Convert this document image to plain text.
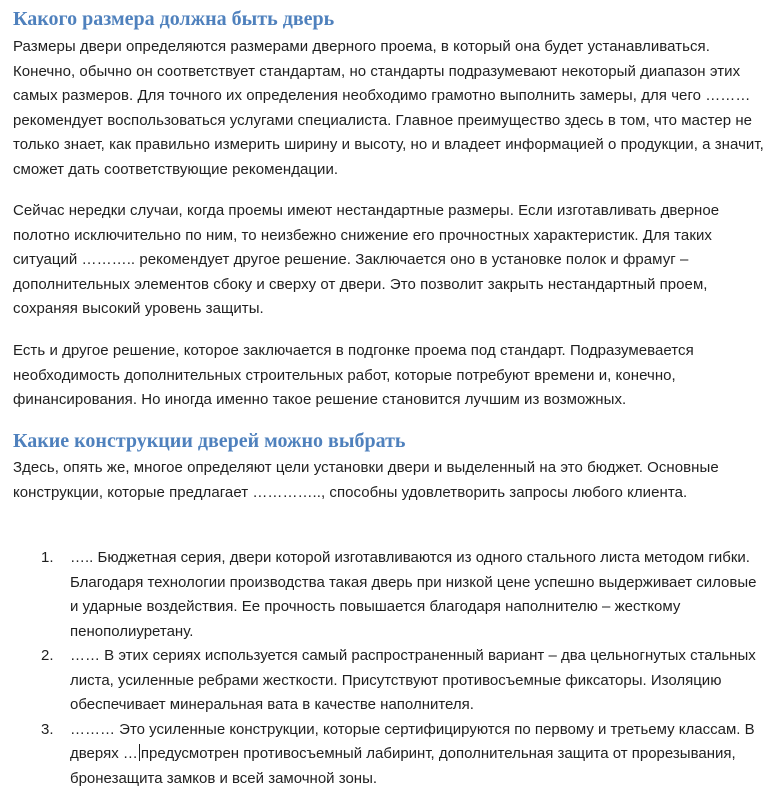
Какого размера должна быть дверь

Размеры двери определяются размерами дверного проема, в который она будет устанавливаться. Конечно, обычно он соответствует стандартам, но стандарты подразумевают некоторый диапазон этих самых размеров. Для точного их определения необходимо грамотно выполнить замеры, для чего ……… рекомендует воспользоваться услугами специалиста. Главное преимущество здесь в том, что мастер не только знает, как правильно измерить ширину и высоту, но и владеет информацией о продукции, а значит, сможет дать соответствующие рекомендации.

Сейчас нередки случаи, когда проемы имеют нестандартные размеры. Если изготавливать дверное полотно исключительно по ним, то неизбежно снижение его прочностных характеристик. Для таких ситуаций ……….. рекомендует другое решение. Заключается оно в установке полок и фрамуг – дополнительных элементов сбоку и сверху от двери. Это позволит закрыть нестандартный проем, сохраняя высокий уровень защиты.

Есть и другое решение, которое заключается в подгонке проема под стандарт. Подразумевается необходимость дополнительных строительных работ, которые потребуют времени и, конечно, финансирования. Но иногда именно такое решение становится лучшим из возможных.

Какие конструкции дверей можно выбрать

Здесь, опять же, многое определяют цели установки двери и выделенный на это бюджет. Основные конструкции, которые предлагает ………….., способны удовлетворить запросы любого клиента.

1. ….. Бюджетная серия, двери которой изготавливаются из одного стального листа методом гибки. Благодаря технологии производства такая дверь при низкой цене успешно выдерживает силовые и ударные воздействия. Ее прочность повышается благодаря наполнителю – жесткому пенополиуретану.
2. …… В этих сериях используется самый распространенный вариант – два цельногнутых стальных листа, усиленные ребрами жесткости. Присутствуют противосъемные фиксаторы. Изоляцию обеспечивает минеральная вата в качестве наполнителя.
3. ……… Это усиленные конструкции, которые сертифицируются по первому и третьему классам. В дверях … предусмотрен противосъемный лабиринт, дополнительная защита от прорезывания, бронезащита замков и всей замочной зоны.
